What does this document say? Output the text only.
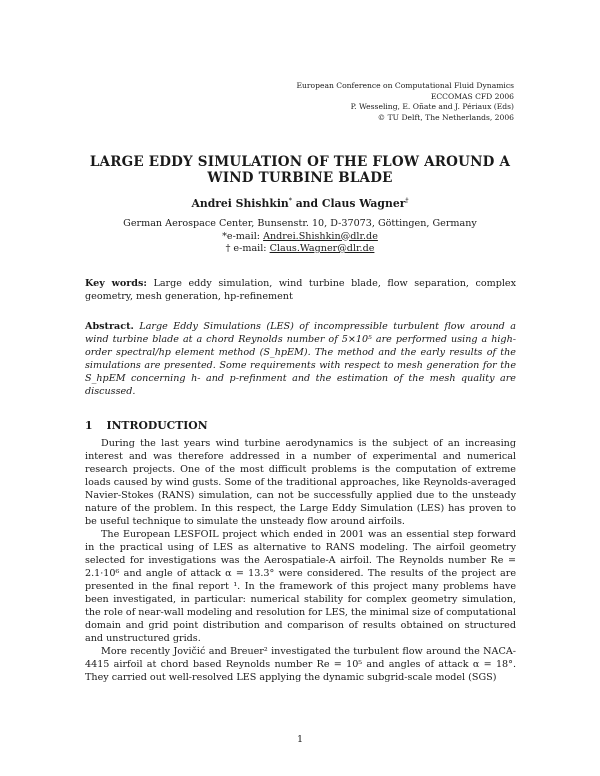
European Conference on Computational Fluid Dynamics
ECCOMAS CFD 2006
P. Wesseling, E. Oñate and J. Périaux (Eds)
© TU Delft, The Netherlands, 2006
LARGE EDDY SIMULATION OF THE FLOW AROUND A
WIND TURBINE BLADE
Andrei Shishkin* and Claus Wagner†
German Aerospace Center, Bunsenstr. 10, D-37073, Göttingen, Germany
*e-mail: Andrei.Shishkin@dlr.de
† e-mail: Claus.Wagner@dlr.de
Key words: Large eddy simulation, wind turbine blade, flow separation, complex geometry, mesh generation, hp-refinement
Abstract. Large Eddy Simulations (LES) of incompressible turbulent flow around a wind turbine blade at a chord Reynolds number of 5×10⁵ are performed using a high-order spectral/hp element method (S_hpEM). The method and the early results of the simulations are presented. Some requirements with respect to mesh generation for the S_hpEM concerning h- and p-refinment and the estimation of the mesh quality are discussed.
1 INTRODUCTION

During the last years wind turbine aerodynamics is the subject of an increasing interest and was therefore addressed in a number of experimental and numerical research projects. One of the most difficult problems is the computation of extreme loads caused by wind gusts. Some of the traditional approaches, like Reynolds-averaged Navier-Stokes (RANS) simulation, can not be successfully applied due to the unsteady nature of the problem. In this respect, the Large Eddy Simulation (LES) has proven to be useful technique to simulate the unsteady flow around airfoils.

The European LESFOIL project which ended in 2001 was an essential step forward in the practical using of LES as alternative to RANS modeling. The airfoil geometry selected for investigations was the Aerospatiale-A airfoil. The Reynolds number Re = 2.1·10⁶ and angle of attack α = 13.3° were considered. The results of the project are presented in the final report ¹. In the framework of this project many problems have been investigated, in particular: numerical stability for complex geometry simulation, the role of near-wall modeling and resolution for LES, the minimal size of computational domain and grid point distribution and comparison of results obtained on structured and unstructured grids.

More recently Jovičić and Breuer² investigated the turbulent flow around the NACA-4415 airfoil at chord based Reynolds number Re = 10⁵ and angles of attack α = 18°. They carried out well-resolved LES applying the dynamic subgrid-scale model (SGS)

1
